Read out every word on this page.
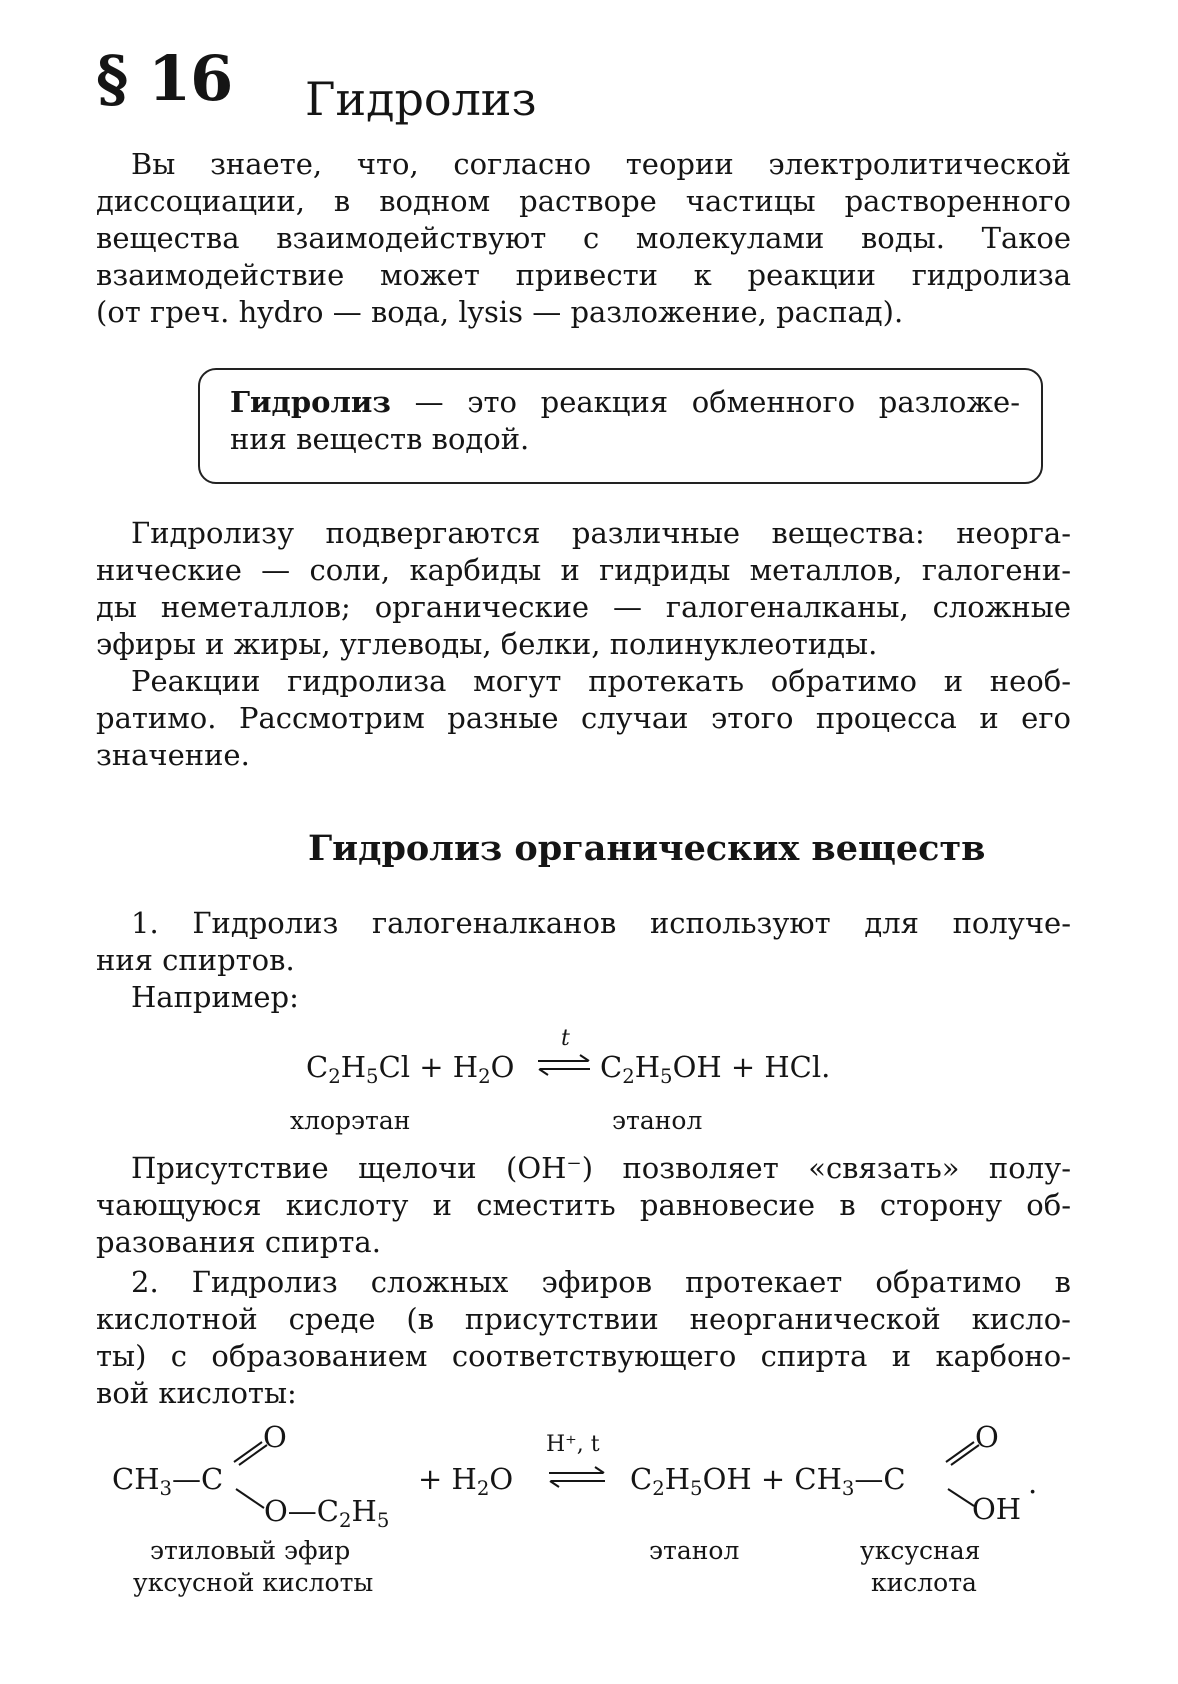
§ 16 Гидролиз
Вы знаете, что, согласно теории электролитической
диссоциации, в водном растворе частицы растворенного
вещества взаимодействуют с молекулами воды. Такое
взаимодействие может привести к реакции гидролиза
(от греч. hydro — вода, lysis — разложение, распад).
Гидролиз — это реакция обменного разложе-
ния веществ водой.
Гидролизу подвергаются различные вещества: неорга-
нические — соли, карбиды и гидриды металлов, галогени-
ды неметаллов; органические — галогеналканы, сложные
эфиры и жиры, углеводы, белки, полинуклеотиды.
Реакции гидролиза могут протекать обратимо и необ-
ратимо. Рассмотрим разные случаи этого процесса и его
значение.
Гидролиз органических веществ
1. Гидролиз галогеналканов используют для получе-
ния спиртов.
Например:
$C_2H_5Cl + H_2O$
t
⇌ $C_2H_5OH$ + HCl.
хлорэтан	этанол
Присутствие щелочи (OH⁻) позволяет «связать» полу-
чающуюся кислоту и сместить равновесие в сторону об-
разования спирта.
2. Гидролиз сложных эфиров протекает обратимо в
кислотной среде (в присутствии неорганической кисло-
ты) с образованием соответствующего спирта и карбоно-
вой кислоты:
$CH_3—C$
O
$O—C_2H_5$
+ $H_2O$
H⁺, t
⇌ $C_2H_5OH$ + $CH_3—C$
O
OH
.
этиловый эфир
уксусной кислоты
этанол	уксусная
кислота
